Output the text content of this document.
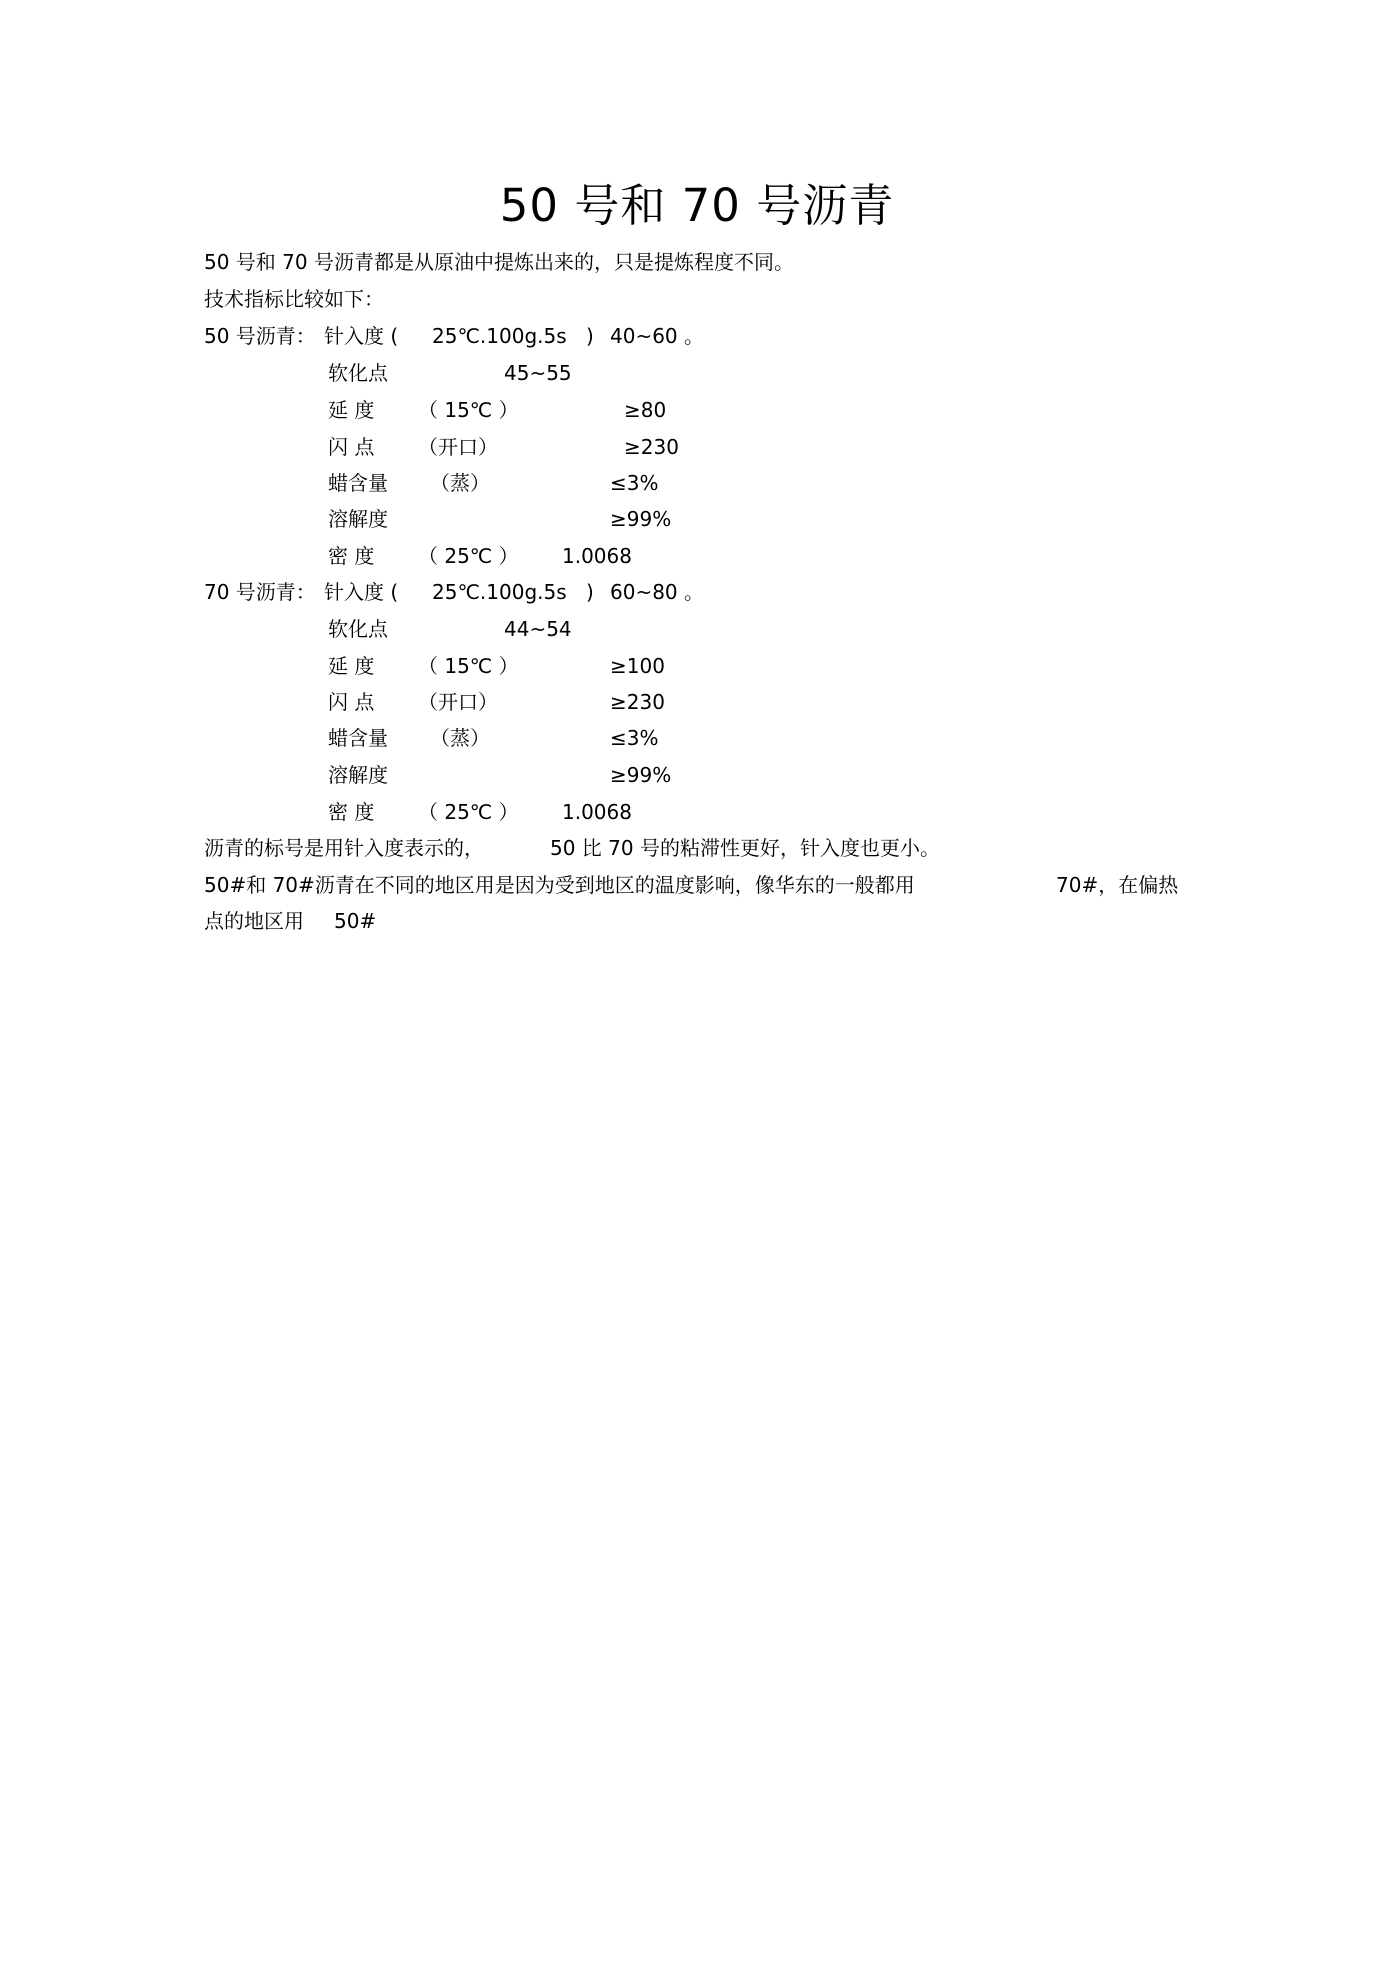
50 号和 70 号沥青
50 号和 70 号沥青都是从原油中提炼出来的，只是提炼程度不同。
技术指标比较如下：
50 号沥青： 针入度 ( 25℃.100g.5s ) 40~60 。
软化点	45~55
延 度 （ 15℃ ）	≥80
闪 点 （开口）	≥230
蜡含量 （蒸）	≤3%
溶解度	≥99%
密 度 （ 25℃ ） 1.0068
70 号沥青： 针入度 ( 25℃.100g.5s ) 60~80 。
软化点	44~54
延 度 （ 15℃ ）	≥100
闪 点 （开口）	≥230
蜡含量 （蒸）	≤3%
溶解度	≥99%
密 度 （ 25℃ ） 1.0068
沥青的标号是用针入度表示的，	50 比 70 号的粘滞性更好，针入度也更小。
50#和 70#沥青在不同的地区用是因为受到地区的温度影响，像华东的一般都用	70#，在偏热
点的地区用 50#
